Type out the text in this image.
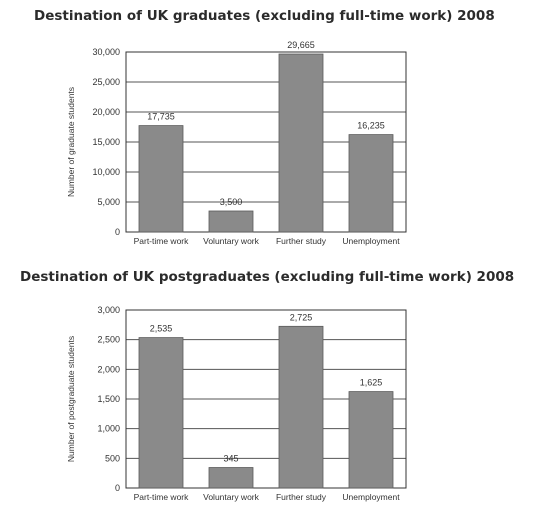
Destination of UK graduates (excluding full-time work) 2008
0
5,000
10,000
15,000
20,000
25,000
30,000
17,735
Part-time work
3,500
Voluntary work
29,665
Further study
16,235
Unemployment
Number of graduate students
Destination of UK postgraduates (excluding full-time work) 2008
0
500
1,000
1,500
2,000
2,500
3,000
2,535
Part-time work
345
Voluntary work
2,725
Further study
1,625
Unemployment
Number of postgraduate students
